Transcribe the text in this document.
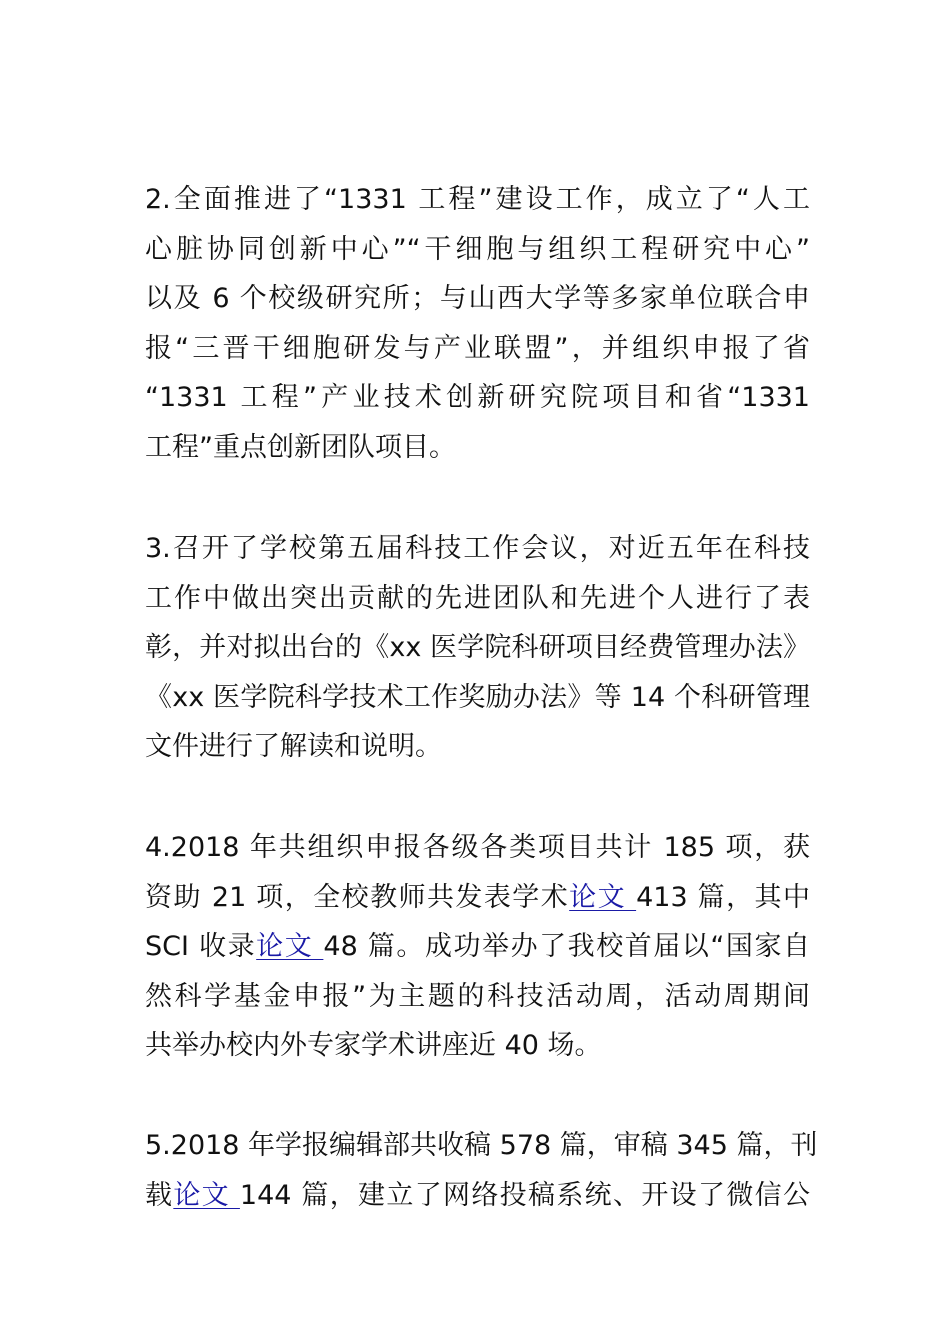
2.全面推进了“1331 工程”建设工作，成立了“人工
心脏协同创新中心”“干细胞与组织工程研究中心”
以及 6 个校级研究所；与山西大学等多家单位联合申
报“三晋干细胞研发与产业联盟”，并组织申报了省
“1331 工程”产业技术创新研究院项目和省“1331
工程”重点创新团队项目。
3.召开了学校第五届科技工作会议，对近五年在科技
工作中做出突出贡献的先进团队和先进个人进行了表
彰，并对拟出台的《xx 医学院科研项目经费管理办法》
《xx 医学院科学技术工作奖励办法》等 14 个科研管理
文件进行了解读和说明。
4.2018 年共组织申报各级各类项目共计 185 项，获
资助 21 项，全校教师共发表学术论文 413 篇，其中
SCI 收录论文 48 篇。成功举办了我校首届以“国家自
然科学基金申报”为主题的科技活动周，活动周期间
共举办校内外专家学术讲座近 40 场。
5.2018 年学报编辑部共收稿 578 篇，审稿 345 篇，刊
载论文 144 篇，建立了网络投稿系统、开设了微信公
